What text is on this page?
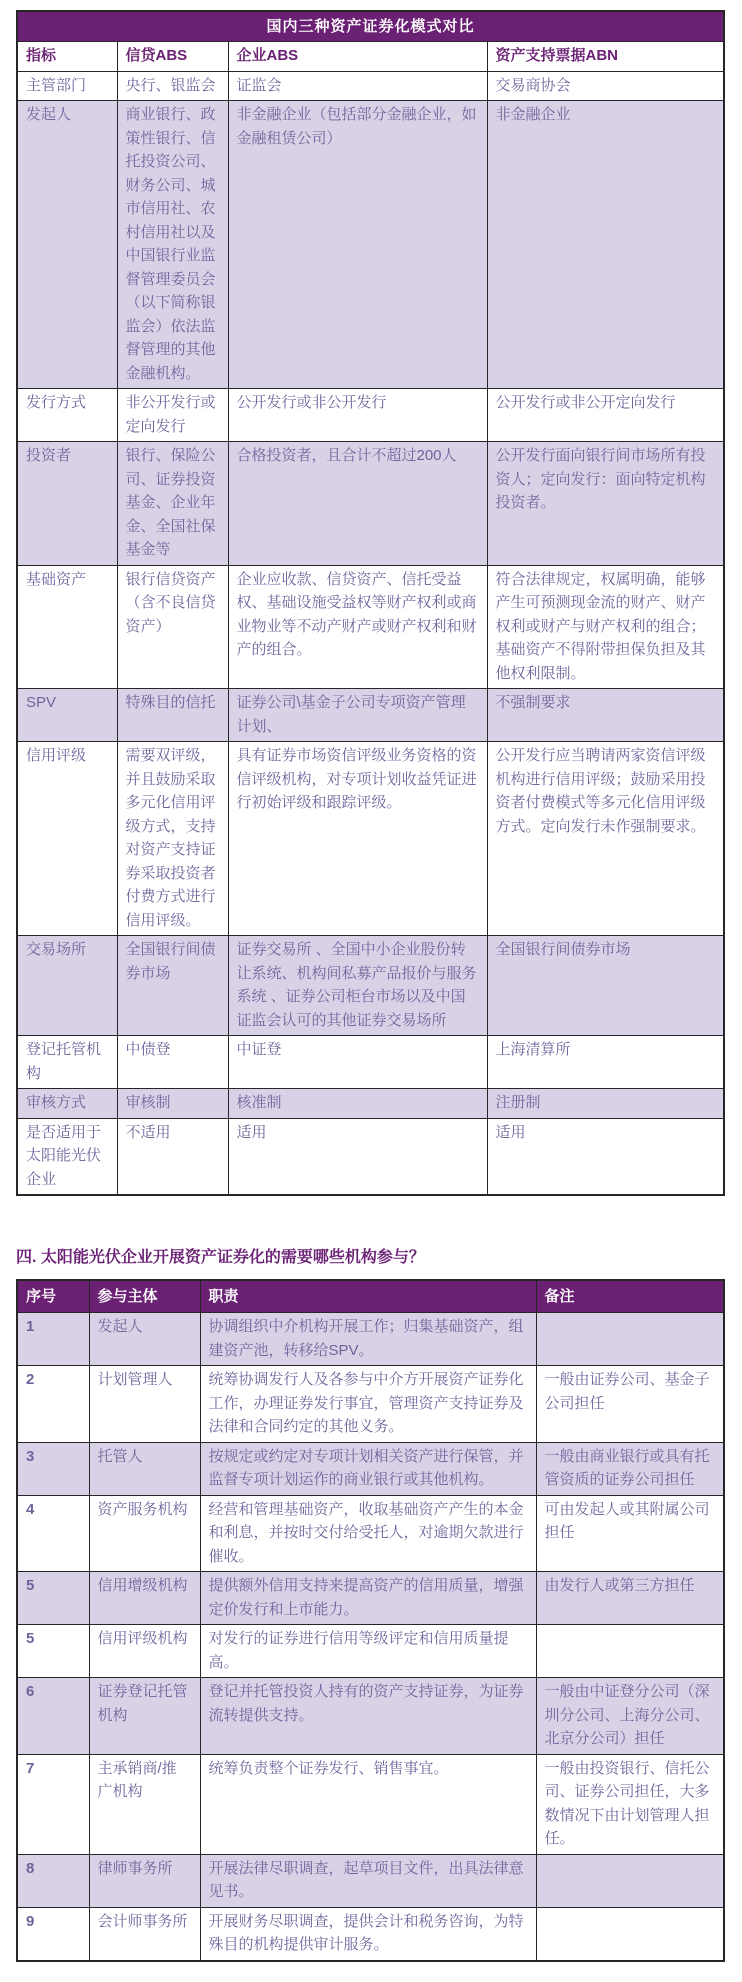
国内三种资产证券化模式对比			
指标	信贷ABS	企业ABS	资产支持票据ABN
主管部门	央行、银监会	证监会	交易商协会
发起人	商业银行、政策性银行、信托投资公司、财务公司、城市信用社、农村信用社以及中国银行业监督管理委员会（以下简称银监会）依法监督管理的其他金融机构。	非金融企业（包括部分金融企业，如金融租赁公司）	非金融企业
发行方式	非公开发行或定向发行	公开发行或非公开发行	公开发行或非公开定向发行
投资者	银行、保险公司、证券投资基金、企业年金、全国社保基金等	合格投资者，且合计不超过200人	公开发行面向银行间市场所有投资人；定向发行：面向特定机构投资者。
基础资产	银行信贷资产（含不良信贷资产）	企业应收款、信贷资产、信托受益权、基础设施受益权等财产权利或商业物业等不动产财产或财产权利和财产的组合。	符合法律规定，权属明确，能够产生可预测现金流的财产、财产权利或财产与财产权利的组合；基础资产不得附带担保负担及其他权利限制。
SPV	特殊目的信托	证券公司\基金子公司专项资产管理计划、	不强制要求
信用评级	需要双评级，并且鼓励采取多元化信用评级方式，支持对资产支持证券采取投资者付费方式进行信用评级。	具有证券市场资信评级业务资格的资信评级机构，对专项计划收益凭证进行初始评级和跟踪评级。	公开发行应当聘请两家资信评级机构进行信用评级；鼓励采用投资者付费模式等多元化信用评级方式。定向发行未作强制要求。
交易场所	全国银行间债券市场	证券交易所 、全国中小企业股份转让系统、机构间私募产品报价与服务系统 、证券公司柜台市场以及中国证监会认可的其他证券交易场所	全国银行间债券市场
登记托管机构	中债登	中证登	上海清算所
审核方式	审核制	核准制	注册制
是否适用于太阳能光伏企业	不适用	适用	适用
四. 太阳能光伏企业开展资产证券化的需要哪些机构参与？
序号	参与主体	职责	备注
1	发起人	协调组织中介机构开展工作；归集基础资产，组建资产池，转移给SPV。	
2	计划管理人	统筹协调发行人及各参与中介方开展资产证券化工作，办理证券发行事宜，管理资产支持证券及法律和合同约定的其他义务。	一般由证券公司、基金子公司担任
3	托管人	按规定或约定对专项计划相关资产进行保管，并监督专项计划运作的商业银行或其他机构。	一般由商业银行或具有托管资质的证券公司担任
4	资产服务机构	经营和管理基础资产，收取基础资产产生的本金和利息，并按时交付给受托人，对逾期欠款进行催收。	可由发起人或其附属公司担任
5	信用增级机构	提供额外信用支持来提高资产的信用质量，增强定价发行和上市能力。	由发行人或第三方担任
5	信用评级机构	对发行的证券进行信用等级评定和信用质量提高。	
6	证券登记托管机构	登记并托管投资人持有的资产支持证券，为证券流转提供支持。	一般由中证登分公司（深圳分公司、上海分公司、北京分公司）担任
7	主承销商/推广机构	统筹负责整个证券发行、销售事宜。	一般由投资银行、信托公司、证券公司担任，大多数情况下由计划管理人担任。
8	律师事务所	开展法律尽职调查，起草项目文件，出具法律意见书。	
9	会计师事务所	开展财务尽职调查，提供会计和税务咨询，为特殊目的机构提供审计服务。	
